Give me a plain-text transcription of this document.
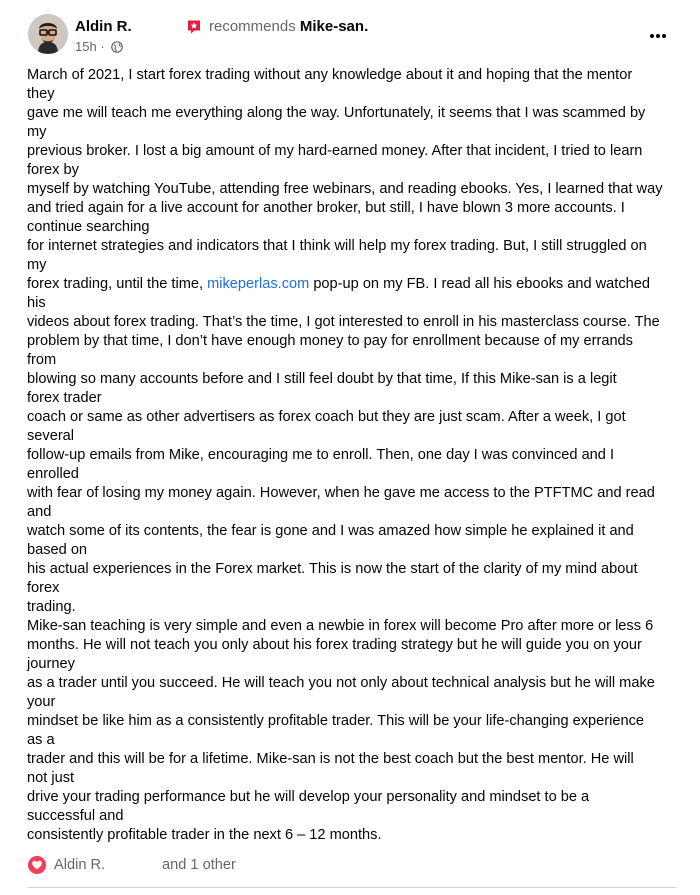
Aldin R.	recommends Mike-san.
15h ·
March of 2021, I start forex trading without any knowledge about it and hoping that the mentor
they
gave me will teach me everything along the way. Unfortunately, it seems that I was scammed by
my
previous broker. I lost a big amount of my hard-earned money. After that incident, I tried to learn
forex by
myself by watching YouTube, attending free webinars, and reading ebooks. Yes, I learned that way
and tried again for a live account for another broker, but still, I have blown 3 more accounts. I
continue searching
for internet strategies and indicators that I think will help my forex trading. But, I still struggled on
my
forex trading, until the time, mikeperlas.com pop-up on my FB. I read all his ebooks and watched
his
videos about forex trading. That’s the time, I got interested to enroll in his masterclass course. The
problem by that time, I don’t have enough money to pay for enrollment because of my errands
from
blowing so many accounts before and I still feel doubt by that time, If this Mike-san is a legit
forex trader
coach or same as other advertisers as forex coach but they are just scam. After a week, I got
several
follow-up emails from Mike, encouraging me to enroll. Then, one day I was convinced and I
enrolled
with fear of losing my money again. However, when he gave me access to the PTFTMC and read
and
watch some of its contents, the fear is gone and I was amazed how simple he explained it and
based on
his actual experiences in the Forex market. This is now the start of the clarity of my mind about
forex
trading.
Mike-san teaching is very simple and even a newbie in forex will become Pro after more or less 6
months. He will not teach you only about his forex trading strategy but he will guide you on your
journey
as a trader until you succeed. He will teach you not only about technical analysis but he will make
your
mindset be like him as a consistently profitable trader. This will be your life-changing experience
as a
trader and this will be for a lifetime. Mike-san is not the best coach but the best mentor. He will
not just
drive your trading performance but he will develop your personality and mindset to be a
successful and
consistently profitable trader in the next 6 – 12 months.
Aldin R.	and 1 other
